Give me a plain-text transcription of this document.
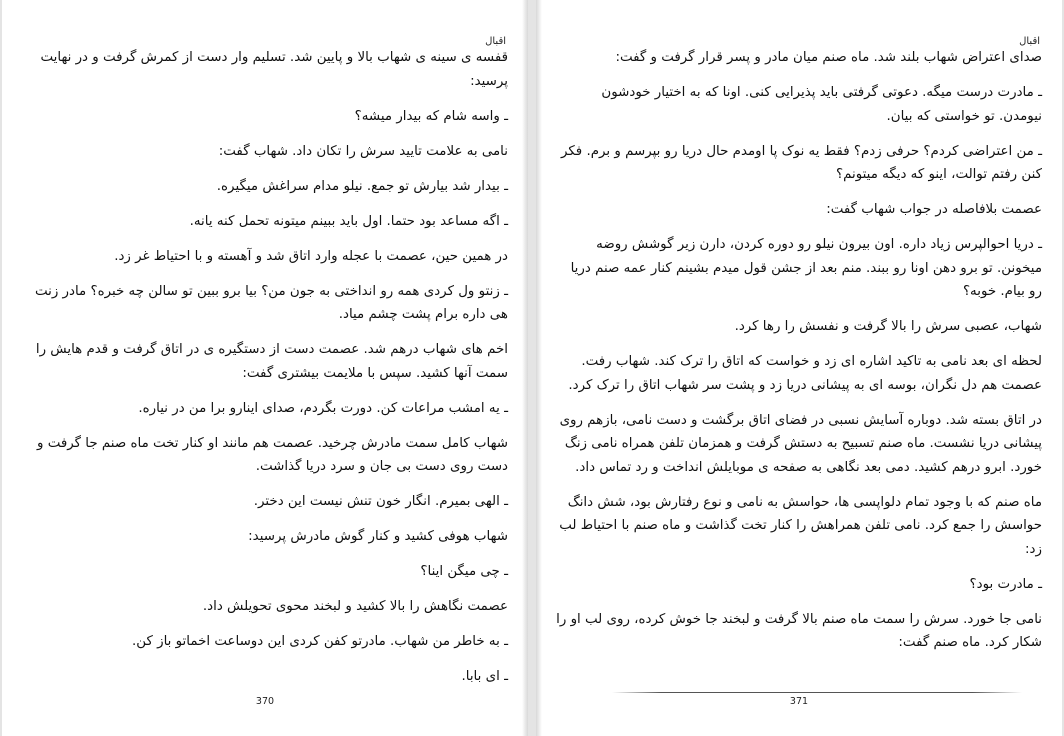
اقبال

قفسه ی سینه ی شهاب بالا و پایین شد. تسلیم وار دست از کمرش گرفت و در نهایت پرسید:

ـ واسه شام که بیدار میشه؟

نامی به علامت تایید سرش را تکان داد. شهاب گفت:

ـ بیدار شد بیارش تو جمع. نیلو مدام سراغش میگیره.

ـ اگه مساعد بود حتما. اول باید ببینم میتونه تحمل کنه یانه.

در همین حین، عصمت با عجله وارد اتاق شد و آهسته و با احتیاط غر زد.

ـ زنتو ول کردی همه رو انداختی به جون من؟ بیا برو ببین تو سالن چه خبره؟ مادر زنت هی داره برام پشت چشم میاد.

اخم های شهاب درهم شد. عصمت دست از دستگیره ی در اتاق گرفت و قدم هایش را سمت آنها کشید. سپس با ملایمت بیشتری گفت:

ـ یه امشب مراعات کن. دورت بگردم، صدای اینارو برا من در نیاره.

شهاب کامل سمت مادرش چرخید. عصمت هم مانند او کنار تخت ماه صنم جا گرفت و دست روی دست بی جان و سرد دریا گذاشت.

ـ الهی بمیرم. انگار خون تنش نیست این دختر.

شهاب هوفی کشید و کنار گوش مادرش پرسید:

ـ چی میگن اینا؟

عصمت نگاهش را بالا کشید و لبخند محوی تحویلش داد.

ـ به خاطر من شهاب. مادرتو کفن کردی این دوساعت اخماتو باز کن.

ـ ای بابا.

370
اقبال

صدای اعتراض شهاب بلند شد. ماه صنم میان مادر و پسر قرار گرفت و گفت:

ـ مادرت درست میگه. دعوتی گرفتی باید پذیرایی کنی. اونا که به اختیار خودشون نیومدن. تو خواستی که بیان.

ـ من اعتراضی کردم؟ حرفی زدم؟ فقط یه نوک پا اومدم حال دریا رو بپرسم و برم. فکر کنن رفتم توالت، اینو که دیگه میتونم؟

عصمت بلافاصله در جواب شهاب گفت:

ـ دریا احوالپرس زیاد داره. اون بیرون نیلو رو دوره کردن، دارن زیر گوشش روضه میخونن. تو برو دهن اونا رو ببند. منم بعد از جشن قول میدم بشینم کنار عمه صنم دریا رو بیام. خوبه؟

شهاب، عصبی سرش را بالا گرفت و نفسش را رها کرد.

لحظه ای بعد نامی به تاکید اشاره ای زد و خواست که اتاق را ترک کند. شهاب رفت. عصمت هم دل نگران، بوسه ای به پیشانی دریا زد و پشت سر شهاب اتاق را ترک کرد.

در اتاق بسته شد. دوباره آسایش نسبی در فضای اتاق برگشت و دست نامی، بازهم روی پیشانی دریا نشست. ماه صنم تسبیح به دستش گرفت و همزمان تلفن همراه نامی زنگ خورد. ابرو درهم کشید. دمی بعد نگاهی به صفحه ی موبایلش انداخت و رد تماس داد.

ماه صنم که با وجود تمام دلواپسی ها، حواسش به نامی و نوع رفتارش بود، شش دانگ حواسش را جمع کرد. نامی تلفن همراهش را کنار تخت گذاشت و ماه صنم با احتیاط لب زد:

ـ مادرت بود؟

نامی جا خورد. سرش را سمت ماه صنم بالا گرفت و لبخند جا خوش کرده، روی لب او را شکار کرد. ماه صنم گفت:

371
